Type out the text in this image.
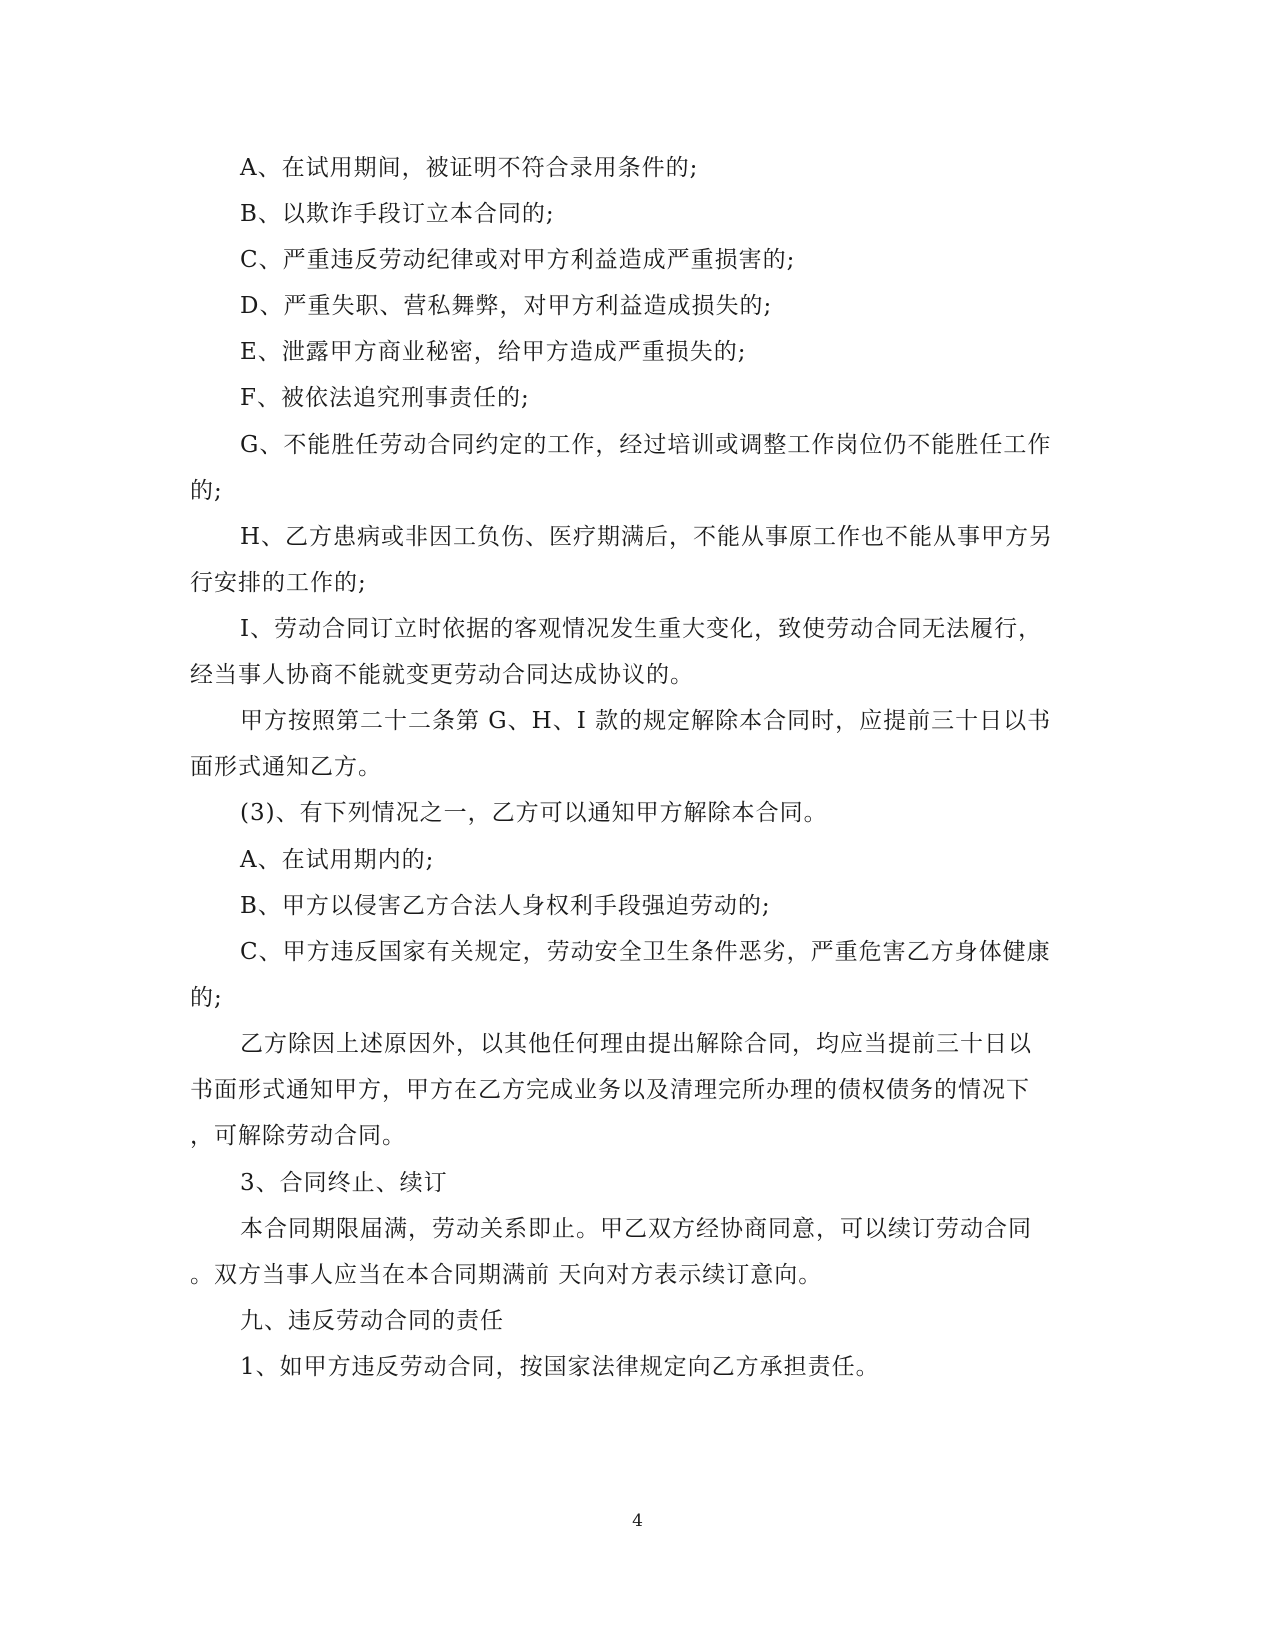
A、在试用期间，被证明不符合录用条件的;
B、以欺诈手段订立本合同的;
C、严重违反劳动纪律或对甲方利益造成严重损害的;
D、严重失职、营私舞弊，对甲方利益造成损失的;
E、泄露甲方商业秘密，给甲方造成严重损失的;
F、被依法追究刑事责任的;
G、不能胜任劳动合同约定的工作，经过培训或调整工作岗位仍不能胜任工作
的;
H、乙方患病或非因工负伤、医疗期满后，不能从事原工作也不能从事甲方另
行安排的工作的;
I、劳动合同订立时依据的客观情况发生重大变化，致使劳动合同无法履行，
经当事人协商不能就变更劳动合同达成协议的。
甲方按照第二十二条第 G、H、I 款的规定解除本合同时，应提前三十日以书
面形式通知乙方。
(3)、有下列情况之一，乙方可以通知甲方解除本合同。
A、在试用期内的;
B、甲方以侵害乙方合法人身权利手段强迫劳动的;
C、甲方违反国家有关规定，劳动安全卫生条件恶劣，严重危害乙方身体健康
的;
乙方除因上述原因外，以其他任何理由提出解除合同，均应当提前三十日以
书面形式通知甲方，甲方在乙方完成业务以及清理完所办理的债权债务的情况下
，可解除劳动合同。
3、合同终止、续订
本合同期限届满，劳动关系即止。甲乙双方经协商同意，可以续订劳动合同
。双方当事人应当在本合同期满前 天向对方表示续订意向。
九、违反劳动合同的责任
1、如甲方违反劳动合同，按国家法律规定向乙方承担责任。
4
